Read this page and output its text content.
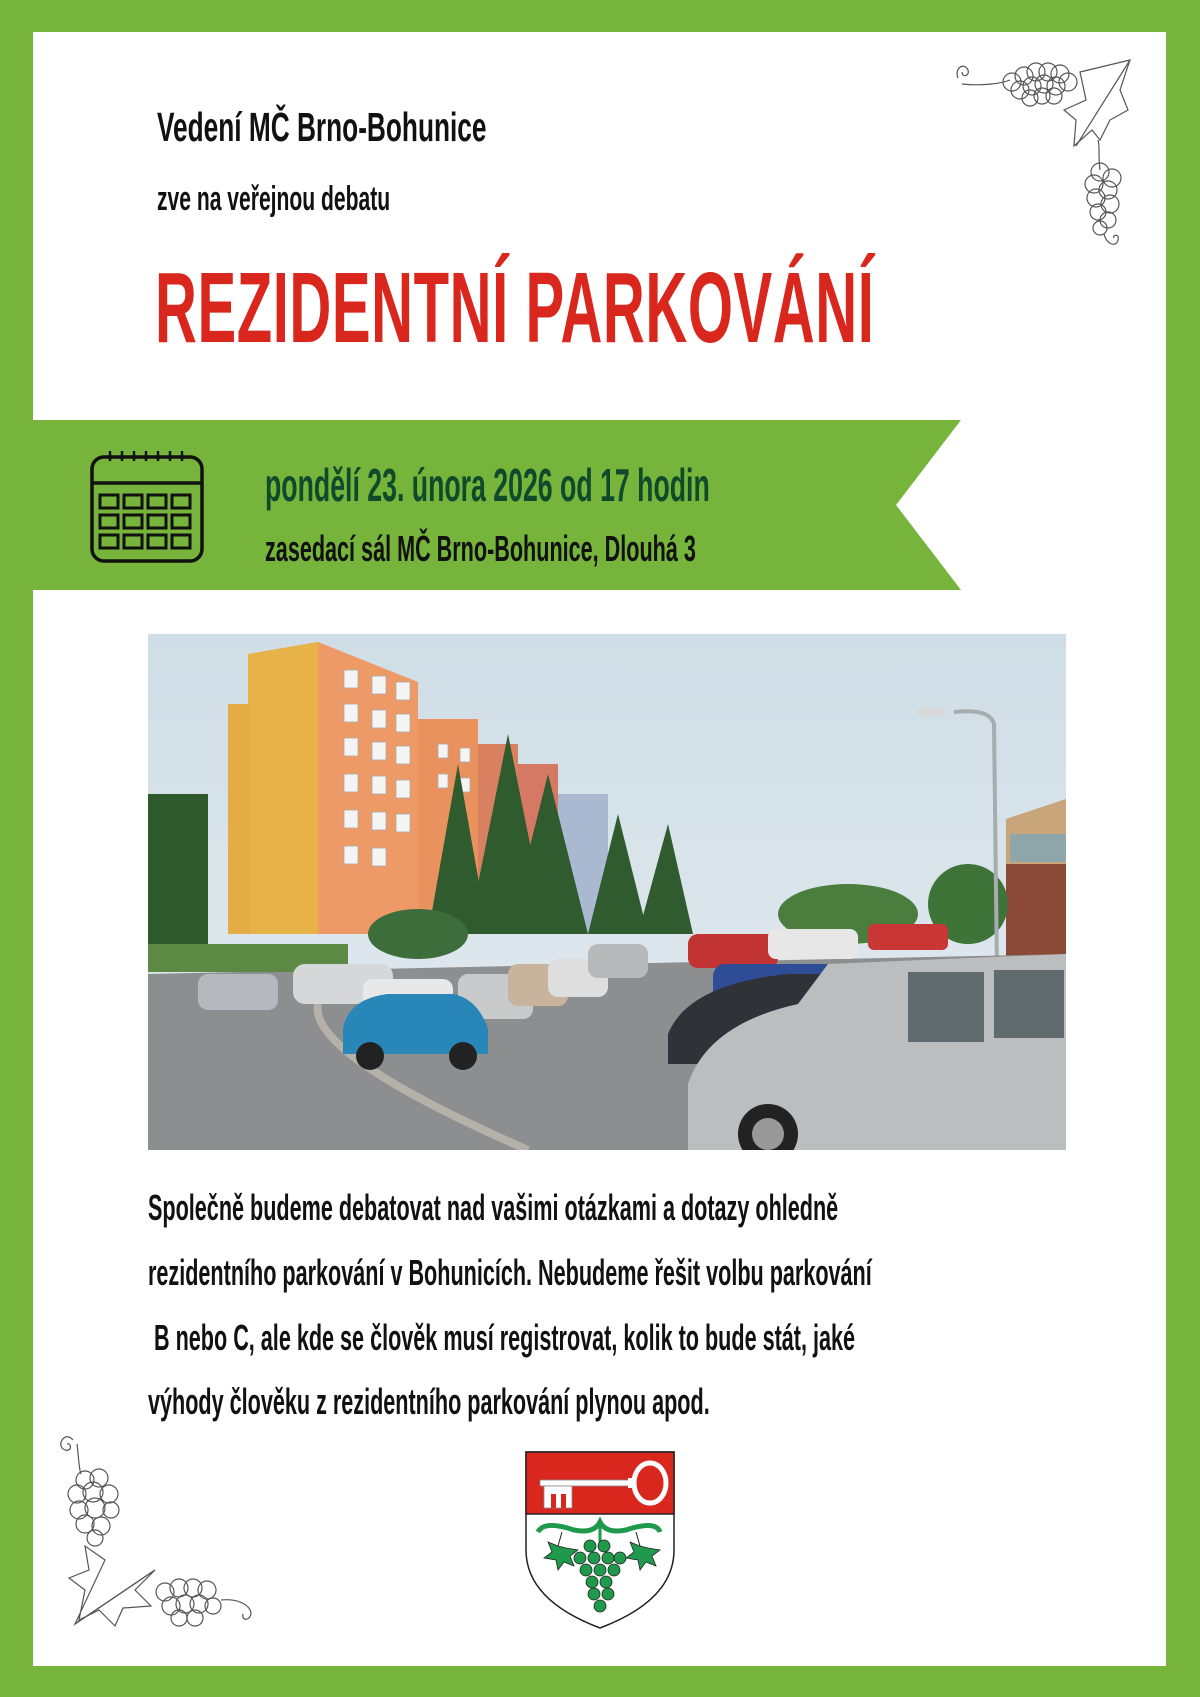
Vedení MČ Brno-Bohunice
zve na veřejnou debatu
REZIDENTNÍ PARKOVÁNÍ
pondělí 23. února 2026 od 17 hodin
zasedací sál MČ Brno-Bohunice, Dlouhá 3

Společně budeme debatovat nad vašimi otázkami a dotazy ohledně

rezidentního parkování v Bohunicích. Nebudeme řešit volbu parkování

B nebo C, ale kde se člověk musí registrovat, kolik to bude stát, jaké

výhody člověku z rezidentního parkování plynou apod.
